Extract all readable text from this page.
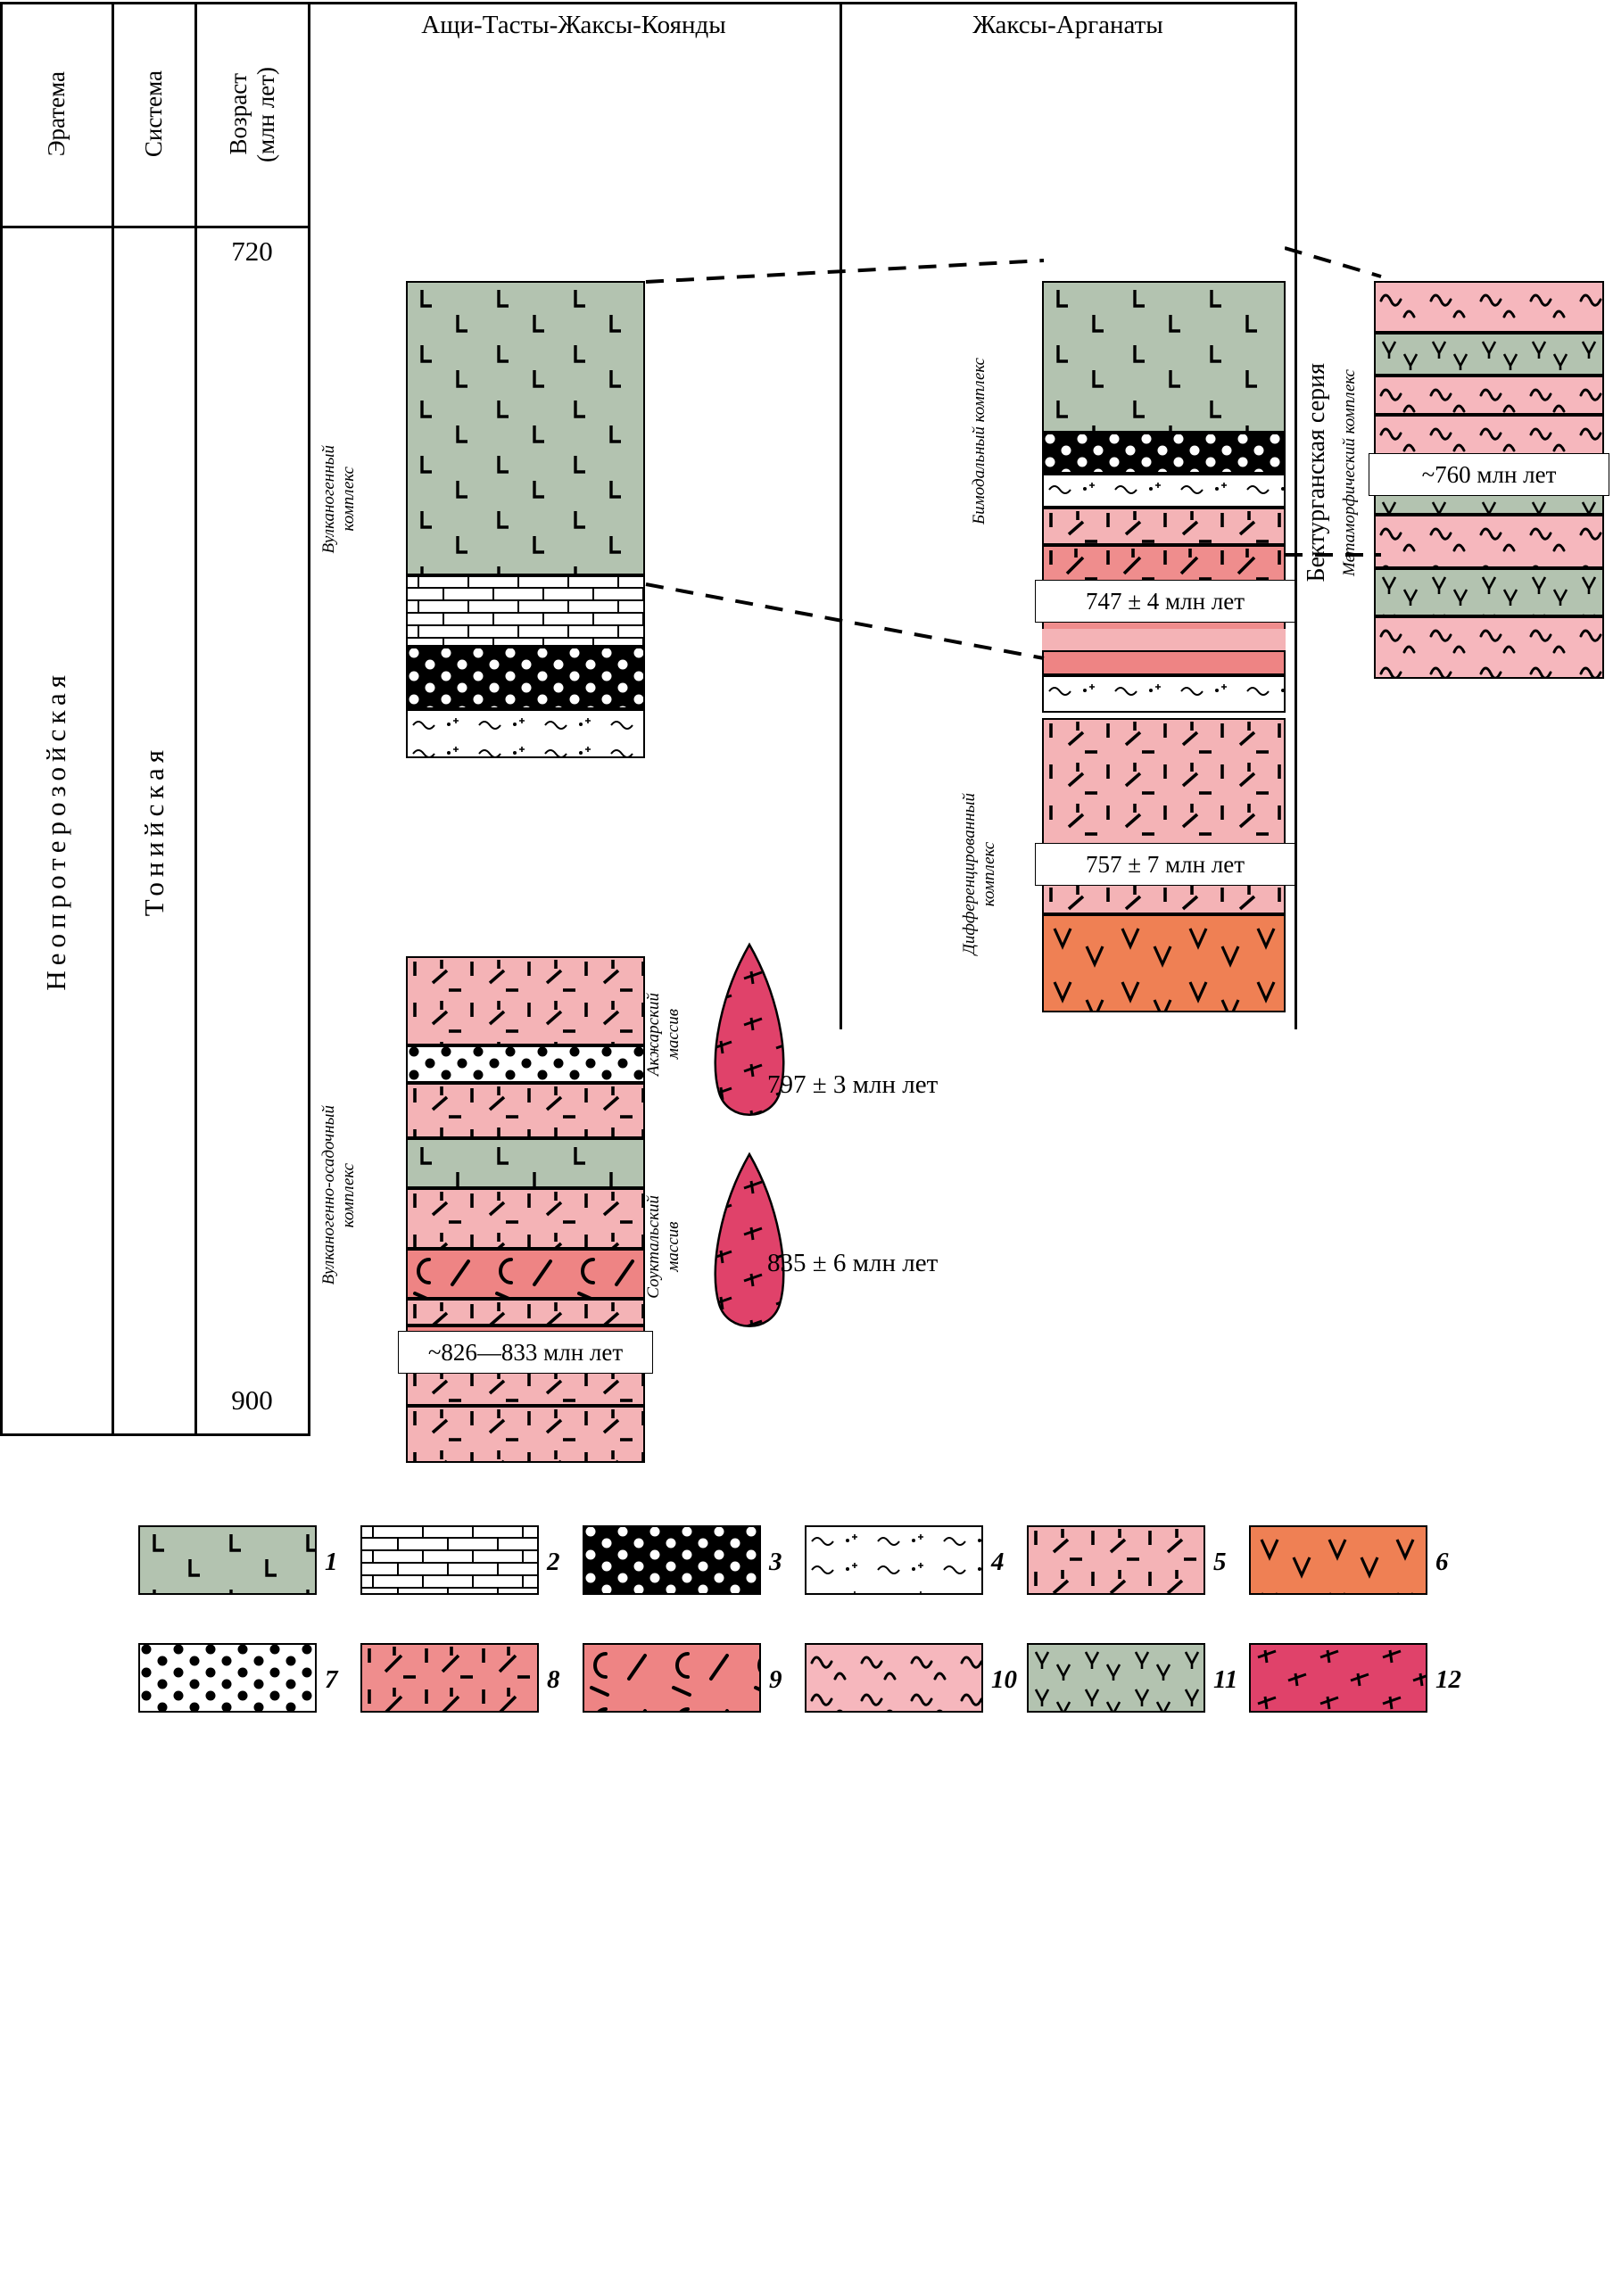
Ащи-Тасты-Жаксы-Коянды	Жаксы-Арганаты
Эратема	Система Возраст (млн лет)
Неопротерозойская Тонийская
720
900
Вулканогенный
комплекс
~826—833 млн лет
Вулканогенно-осадочный
комплекс
747 ± 4 млн лет
Бимодальный комплекс
757 ± 7 млн лет
Дифференцированный
комплекс
~760 млн лет
Бектурганская серия Метаморфический комплекс
Акжарский
массив
797 ± 3 млн лет
Соуктальский
массив	835 ± 6 млн лет
1	2	3	4	5	6
7	8	9	10	11	12
